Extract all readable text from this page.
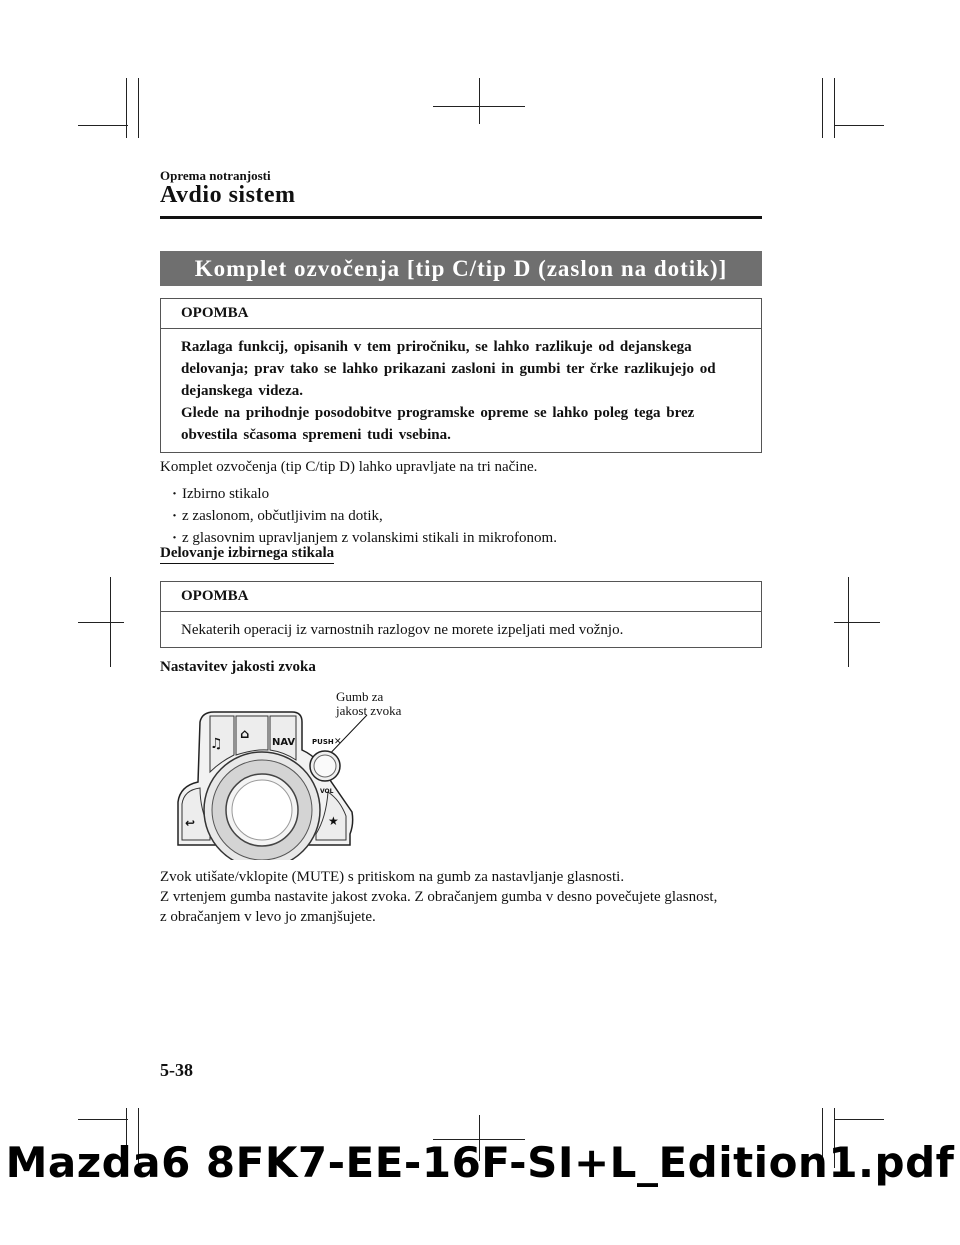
Oprema notranjosti
Avdio sistem
Komplet ozvočenja [tip C/tip D (zaslon na dotik)]
OPOMBA
Razlaga funkcij, opisanih v tem priročniku, se lahko razlikuje od dejanskega
delovanja; prav tako se lahko prikazani zasloni in gumbi ter črke razlikujejo od
dejanskega videza.
Glede na prihodnje posodobitve programske opreme se lahko poleg tega brez
obvestila sčasoma spremeni tudi vsebina.
Komplet ozvočenja (tip C/tip D) lahko upravljate na tri načine.
· Izbirno stikalo
· z zaslonom, občutljivim na dotik,
· z glasovnim upravljanjem z volanskimi stikali in mikrofonom.
Delovanje izbirnega stikala
OPOMBA
Nekaterih operacij iz varnostnih razlogov ne morete izpeljati med vožnjo.
Nastavitev jakosti zvoka
Gumb za
jakost zvoka
♫
⌂
NAV PUSH ✕
VOL
↩	★
Zvok utišate/vklopite (MUTE) s pritiskom na gumb za nastavljanje glasnosti.
Z vrtenjem gumba nastavite jakost zvoka. Z obračanjem gumba v desno povečujete glasnost,
z obračanjem v levo jo zmanjšujete.
5-38
Mazda6 8FK7-EE-16F-SI+L_Edition1.pdf
